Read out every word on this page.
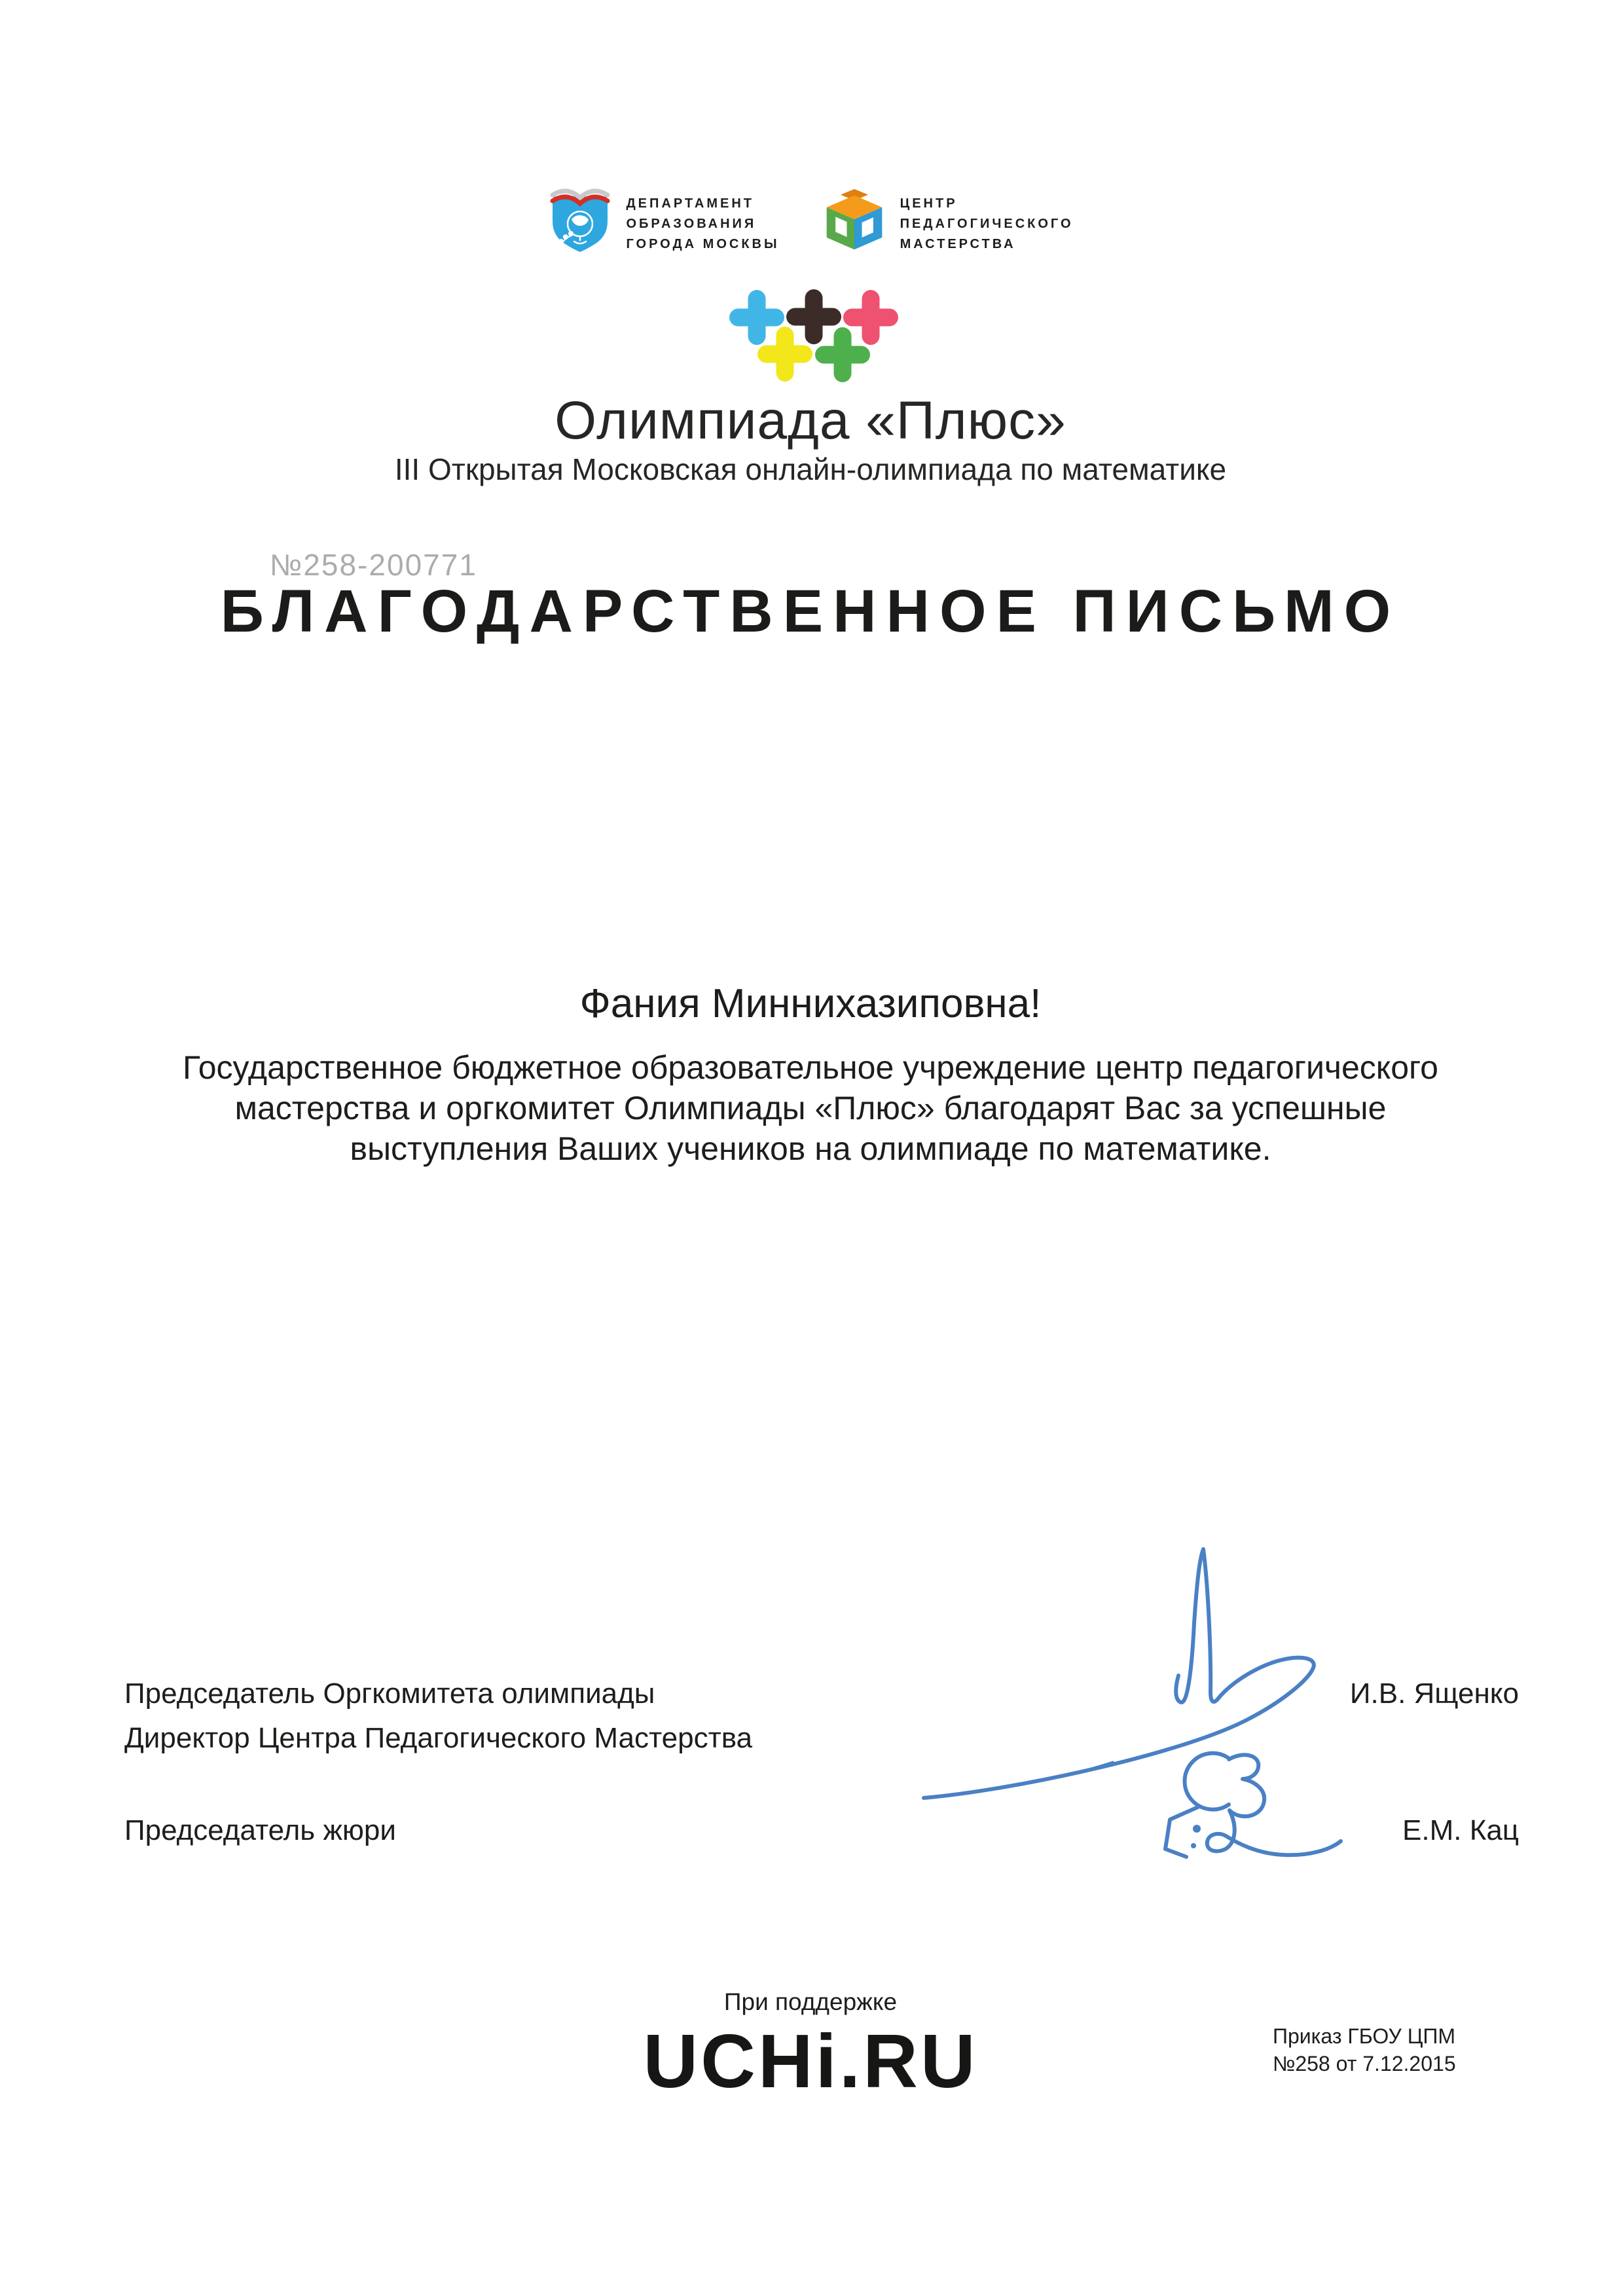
ДЕПАРТАМЕНТ
ОБРАЗОВАНИЯ
ГОРОДА МОСКВЫ
ЦЕНТР
ПЕДАГОГИЧЕСКОГО
МАСТЕРСТВА
Олимпиада «Плюс»
III Открытая Московская онлайн-олимпиада по математике
№258-200771
БЛАГОДАРСТВЕННОЕ ПИСЬМО
Фания Миннихазиповна!
Государственное бюджетное образовательное учреждение центр педагогического
мастерства и оргкомитет Олимпиады «Плюс» благодарят Вас за успешные
выступления Ваших учеников на олимпиаде по математике.
Председатель Оргкомитета олимпиады
Директор Центра Педагогического Мастерства
Председатель жюри
И.В. Ященко
Е.М. Кац
При поддержке
UCHi.RU	Приказ ГБОУ ЦПМ
№258 от 7.12.2015
